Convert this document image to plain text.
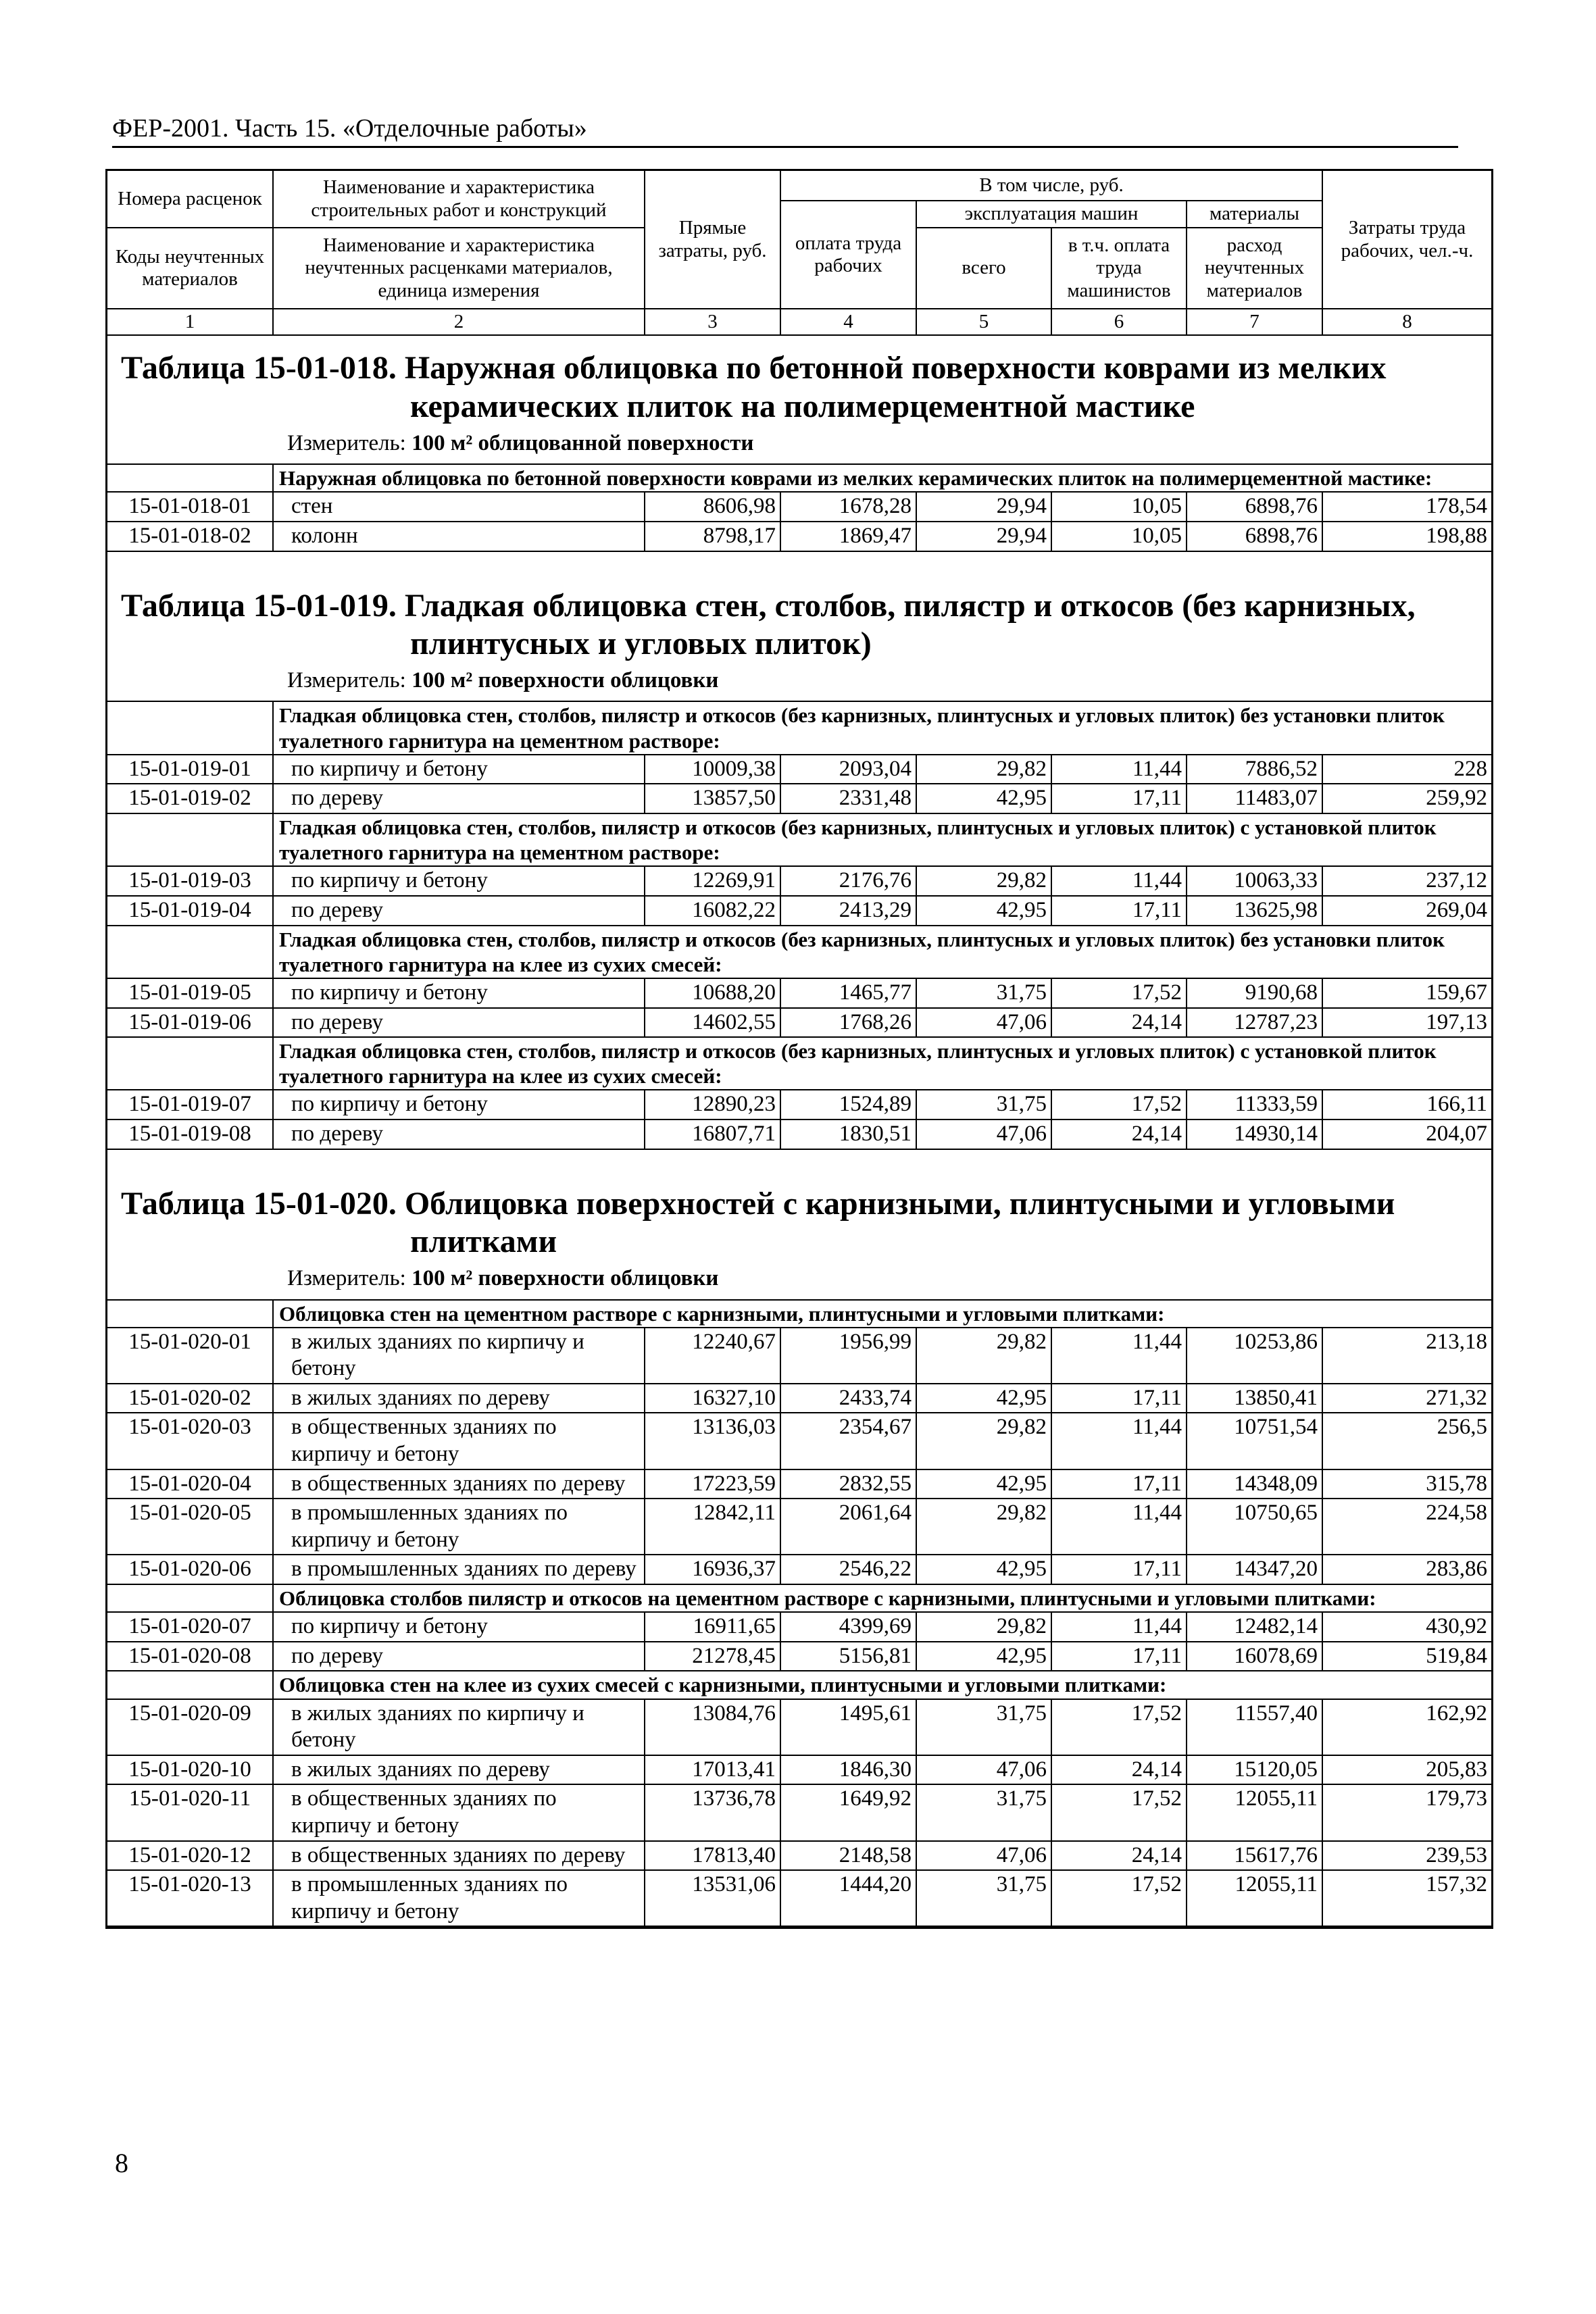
ФЕР-2001. Часть 15. «Отделочные работы»
Номера расценок	Наименование и характеристика строительных работ и конструкций	Прямые затраты, руб.	В том числе, руб.				Затраты труда рабочих, чел.-ч.
			оплата труда рабочих	эксплуатация машин		материалы	
Коды неучтенных материалов	Наименование и характеристика неучтенных расценками материалов, единица измерения			всего	в т.ч. оплата труда машинистов	расход неучтенных материалов	

1	2	3	4	5	6	7	8
Таблица 15-01-018. Наружная облицовка по бетонной поверхности коврами из мелких
керамических плиток на полимерцементной мастике
Измеритель: 100 м² облицованной поверхности							

	Наружная облицовка по бетонной поверхности коврами из мелких керамических плиток на полимерцементной мастике:						
15-01-018-01	стен	8606,98	1678,28	29,94	10,05	6898,76	178,54
15-01-018-02	колонн	8798,17	1869,47	29,94	10,05	6898,76	198,88

Таблица 15-01-019. Гладкая облицовка стен, столбов, пилястр и откосов (без карнизных,
плинтусных и угловых плиток)
Измеритель: 100 м² поверхности облицовки							

	Гладкая облицовка стен, столбов, пилястр и откосов (без карнизных, плинтусных и угловых плиток) без установки плиток туалетного гарнитура на цементном растворе:						
15-01-019-01	по кирпичу и бетону	10009,38	2093,04	29,82	11,44	7886,52	228
15-01-019-02	по дереву	13857,50	2331,48	42,95	17,11	11483,07	259,92
	Гладкая облицовка стен, столбов, пилястр и откосов (без карнизных, плинтусных и угловых плиток) с установкой плиток туалетного гарнитура на цементном растворе:						
15-01-019-03	по кирпичу и бетону	12269,91	2176,76	29,82	11,44	10063,33	237,12
15-01-019-04	по дереву	16082,22	2413,29	42,95	17,11	13625,98	269,04
	Гладкая облицовка стен, столбов, пилястр и откосов (без карнизных, плинтусных и угловых плиток) без установки плиток туалетного гарнитура на клее из сухих смесей:						
15-01-019-05	по кирпичу и бетону	10688,20	1465,77	31,75	17,52	9190,68	159,67
15-01-019-06	по дереву	14602,55	1768,26	47,06	24,14	12787,23	197,13
	Гладкая облицовка стен, столбов, пилястр и откосов (без карнизных, плинтусных и угловых плиток) с установкой плиток туалетного гарнитура на клее из сухих смесей:						
15-01-019-07	по кирпичу и бетону	12890,23	1524,89	31,75	17,52	11333,59	166,11
15-01-019-08	по дереву	16807,71	1830,51	47,06	24,14	14930,14	204,07

Таблица 15-01-020. Облицовка поверхностей с карнизными, плинтусными и угловыми
плитками
Измеритель: 100 м² поверхности облицовки							

	Облицовка стен на цементном растворе с карнизными, плинтусными и угловыми плитками:						
15-01-020-01	в жилых зданиях по кирпичу и бетону	12240,67	1956,99	29,82	11,44	10253,86	213,18
15-01-020-02	в жилых зданиях по дереву	16327,10	2433,74	42,95	17,11	13850,41	271,32
15-01-020-03	в общественных зданиях по кирпичу и бетону	13136,03	2354,67	29,82	11,44	10751,54	256,5
15-01-020-04	в общественных зданиях по дереву	17223,59	2832,55	42,95	17,11	14348,09	315,78
15-01-020-05	в промышленных зданиях по кирпичу и бетону	12842,11	2061,64	29,82	11,44	10750,65	224,58
15-01-020-06	в промышленных зданиях по дереву	16936,37	2546,22	42,95	17,11	14347,20	283,86
	Облицовка столбов пилястр и откосов на цементном растворе с карнизными, плинтусными и угловыми плитками:						
15-01-020-07	по кирпичу и бетону	16911,65	4399,69	29,82	11,44	12482,14	430,92
15-01-020-08	по дереву	21278,45	5156,81	42,95	17,11	16078,69	519,84
	Облицовка стен на клее из сухих смесей с карнизными, плинтусными и угловыми плитками:						
15-01-020-09	в жилых зданиях по кирпичу и бетону	13084,76	1495,61	31,75	17,52	11557,40	162,92
15-01-020-10	в жилых зданиях по дереву	17013,41	1846,30	47,06	24,14	15120,05	205,83
15-01-020-11	в общественных зданиях по кирпичу и бетону	13736,78	1649,92	31,75	17,52	12055,11	179,73
15-01-020-12	в общественных зданиях по дереву	17813,40	2148,58	47,06	24,14	15617,76	239,53
15-01-020-13	в промышленных зданиях по кирпичу и бетону	13531,06	1444,20	31,75	17,52	12055,11	157,32
8
